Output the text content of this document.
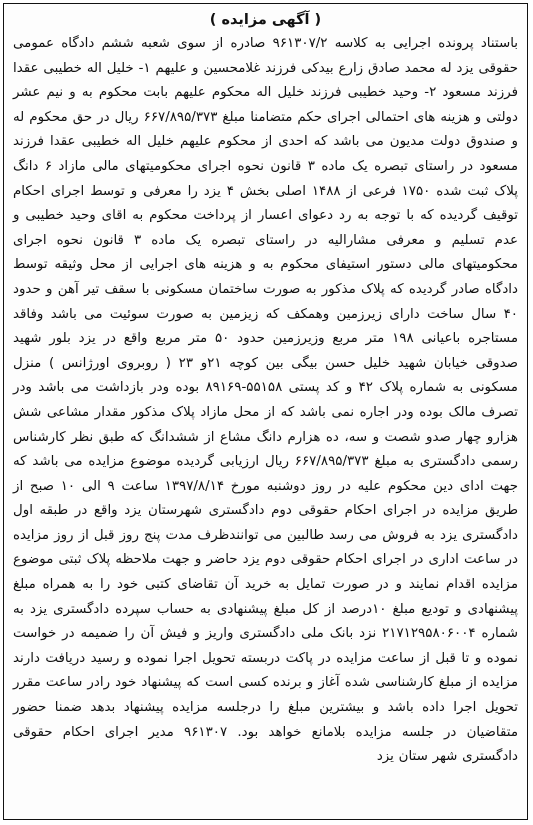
( آگهی مزایده )
باستناد پرونده اجرایی به کلاسه ۹۶۱۳۰۷/۲ صادره از سوی شعبه ششم دادگاه عمومی حقوقی یزد له محمد صادق زارع بیدکی فرزند غلامحسین و علیهم ۱- خلیل اله خطیبی عقدا فرزند مسعود ۲- وحید خطیبی فرزند خلیل اله محکوم علیهم بابت محکوم به و نیم عشر دولتی و هزینه های احتمالی اجرای حکم متضامنا مبلغ ۶۶۷/۸۹۵/۳۷۳ ریال در حق محکوم له و صندوق دولت مدیون می باشد که احدی از محکوم علیهم خلیل اله خطیبی عقدا فرزند مسعود در راستای تبصره یک ماده ۳ قانون نحوه اجرای محکومیتهای مالی مازاد ۶ دانگ پلاک ثبت شده ۱۷۵۰ فرعی از ۱۴۸۸ اصلی بخش ۴ یزد را معرفی و توسط اجرای احکام توقیف گردیده که با توجه به رد دعوای اعسار از پرداخت محکوم به اقای وحید خطیبی و عدم تسلیم و معرفی مشارالیه در راستای تبصره یک ماده ۳ قانون نحوه اجرای محکومیتهای مالی دستور استیفای محکوم به و هزینه های اجرایی از محل وثیقه توسط دادگاه صادر گردیده که پلاک مذکور به صورت ساختمان مسکونی با سقف تیر آهن و حدود ۴۰ سال ساخت دارای زیرزمین وهمکف که زیزمین به صورت سوئیت می باشد وفاقد مستاجره باعیانی ۱۹۸ متر مربع وزیرزمین حدود ۵۰ متر مربع واقع در یزد بلور شهید صدوقی خیابان شهید خلیل حسن بیگی بین کوچه ۲۱و ۲۳ ( روبروی اورژانس ) منزل مسکونی به شماره پلاک ۴۲ و کد پستی ۵۵۱۵۸-۸۹۱۶۹ بوده ودر بازداشت می باشد ودر تصرف مالک بوده ودر اجاره نمی باشد که از محل مازاد پلاک مذکور مقدار مشاعی شش هزارو چهار صدو شصت و سه، ده هزارم دانگ مشاع از ششدانگ که طبق نظر کارشناس رسمی دادگستری به مبلغ ۶۶۷/۸۹۵/۳۷۳ ریال ارزیابی گردیده موضوع مزایده می باشد که جهت ادای دین محکوم علیه در روز دوشنبه مورخ ۱۳۹۷/۸/۱۴ ساعت ۹ الی ۱۰ صبح از طریق مزایده در اجرای احکام حقوقی دوم دادگستری شهرستان یزد واقع در طبقه اول دادگستری یزد به فروش می رسد طالبین می توانندظرف مدت پنج روز قبل از روز مزایده در ساعت اداری در اجرای احکام حقوقی دوم یزد حاضر و جهت ملاحظه پلاک ثبتی موضوع مزایده اقدام نمایند و در صورت تمایل به خرید آن تقاضای کتبی خود را به همراه مبلغ پیشنهادی و تودیع مبلغ ۱۰درصد از کل مبلغ پیشنهادی به حساب سپرده دادگستری یزد به شماره ۲۱۷۱۲۹۵۸۰۶۰۰۴ نزد بانک ملی دادگستری واریز و فیش آن را ضمیمه در خواست نموده و تا قبل از ساعت مزایده در پاکت دربسته تحویل اجرا نموده و رسید دریافت دارند مزایده از مبلغ کارشناسی شده آغاز و برنده کسی است که پیشنهاد خود رادر ساعت مقرر تحویل اجرا داده باشد و بیشترین مبلغ را درجلسه مزایده پیشنهاد بدهد ضمنا حضور متقاضیان در جلسه مزایده بلامانع خواهد بود. ۹۶۱۳۰۷ مدیر اجرای احکام حقوقی دادگستری شهر ستان یزد
